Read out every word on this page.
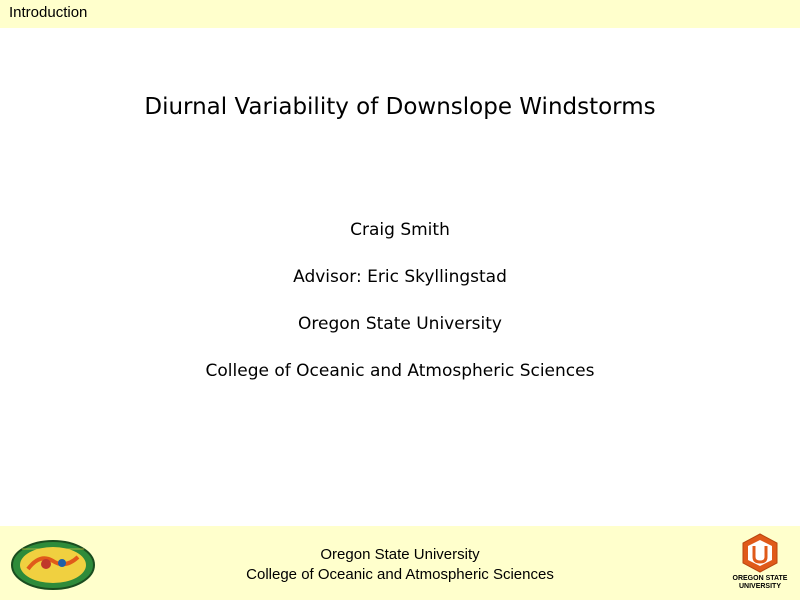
Introduction
Diurnal Variability of Downslope Windstorms
Craig Smith
Advisor: Eric Skyllingstad
Oregon State University
College of Oceanic and Atmospheric Sciences
Oregon State University
College of Oceanic and Atmospheric Sciences	OREGON STATE
UNIVERSITY
